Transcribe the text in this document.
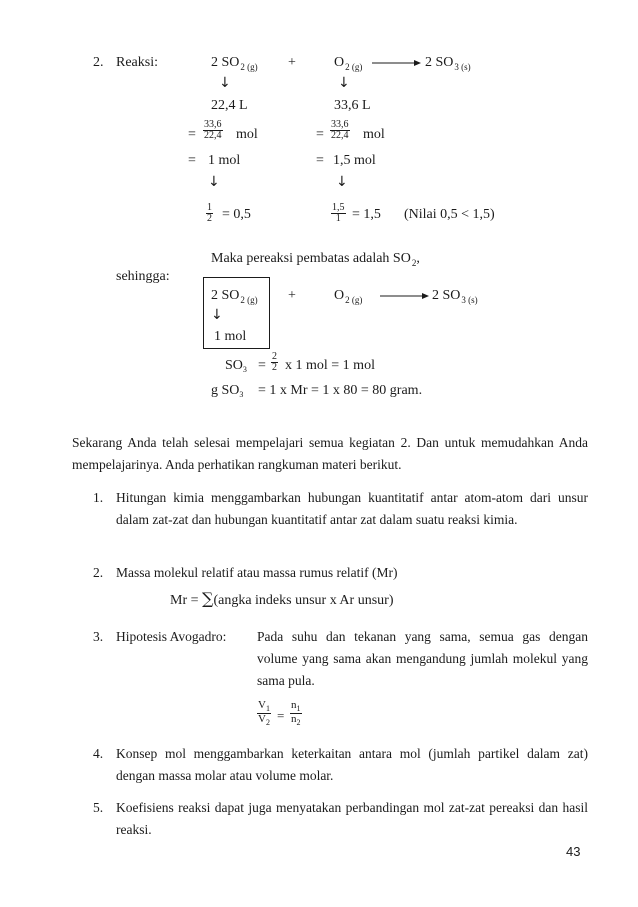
2. Reaksi:	2 $SO_{2 (g)}$ +	$O_{2 (g)} \to 2$ $SO_{3 (s)}$
↓	↓
22,4 L	33,6 L
= $\frac{33,6}{22,4}$ mol	= $\frac{33,6}{22,4}$ mol
= 1 mol	= 1,5 mol
↓	↓
$\frac{1}{2} = 0,5$	$\frac{1,5}{1} = 1,5$ (Nilai 0,5 < 1,5)
Maka pereaksi pembatas adalah $SO_2$,
sehingga:
2 $SO_{2 (g)}$ +	$O_{2 (g)} \to 2$ $SO_{3 (s)}$
↓
1 mol
$SO_3 = \frac{2}{2}$ x 1 mol = 1 mol
g $SO_3 = 1$ x Mr = 1 x 80 = 80 gram.
Sekarang Anda telah selesai mempelajari semua kegiatan 2. Dan untuk memudahkan Anda mempelajarinya. Anda perhatikan rangkuman materi berikut.
1. Hitungan kimia menggambarkan hubungan kuantitatif antar atom-atom dari unsur dalam zat-zat dan hubungan kuantitatif antar zat dalam suatu reaksi kimia.
2. Massa molekul relatif atau massa rumus relatif (Mr)
Mr = ∑(angka indeks unsur x Ar unsur)
3. Hipotesis Avogadro: Pada suhu dan tekanan yang sama, semua gas dengan volume yang sama akan mengandung jumlah molekul yang sama pula.
$\frac{V_1}{V_2} = \frac{n_1}{n_2}$
4. Konsep mol menggambarkan keterkaitan antara mol (jumlah partikel dalam zat) dengan massa molar atau volume molar.
5. Koefisiens reaksi dapat juga menyatakan perbandingan mol zat-zat pereaksi dan hasil reaksi.
43
